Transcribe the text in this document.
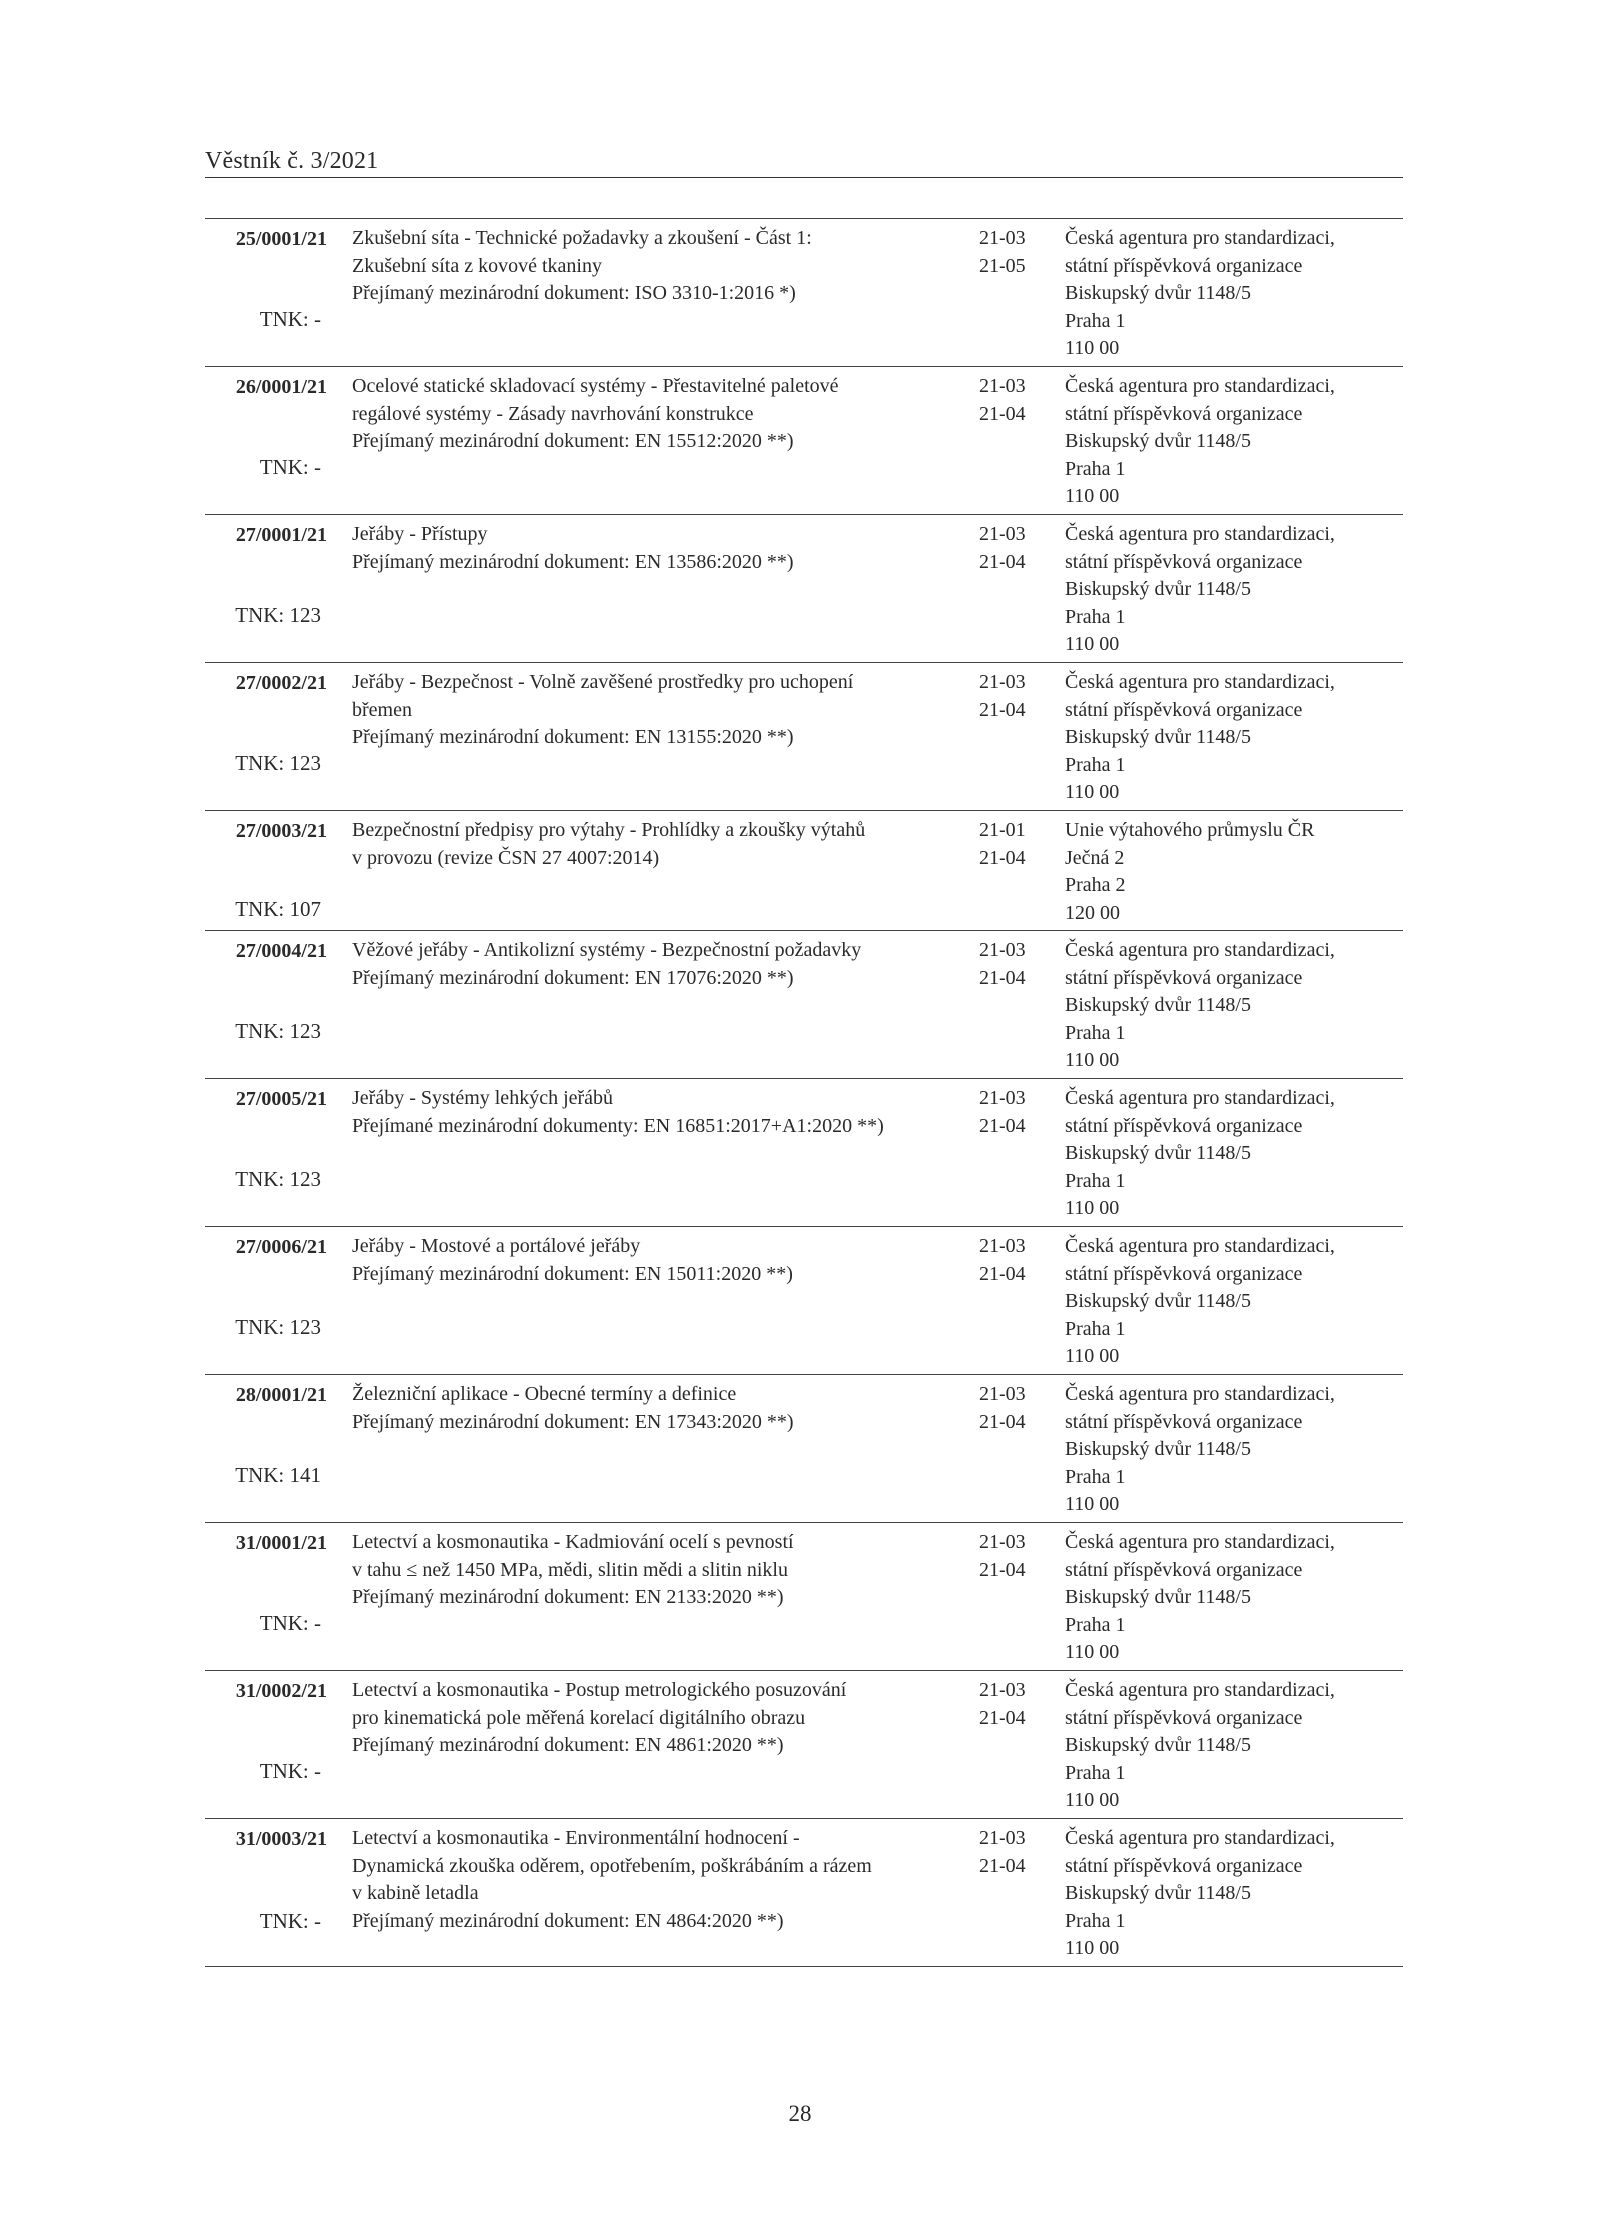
Věstník č. 3/2021
25/0001/21
TNK: -
Zkušební síta - Technické požadavky a zkoušení - Část 1:
Zkušební síta z kovové tkaniny
Přejímaný mezinárodní dokument: ISO 3310-1:2016 *)
21-03
21-05
Česká agentura pro standardizaci,
státní příspěvková organizace
Biskupský dvůr 1148/5
Praha 1
110 00
26/0001/21
TNK: -
Ocelové statické skladovací systémy - Přestavitelné paletové
regálové systémy - Zásady navrhování konstrukce
Přejímaný mezinárodní dokument: EN 15512:2020 **)
21-03
21-04
Česká agentura pro standardizaci,
státní příspěvková organizace
Biskupský dvůr 1148/5
Praha 1
110 00
27/0001/21
TNK: 123
Jeřáby - Přístupy
Přejímaný mezinárodní dokument: EN 13586:2020 **)
21-03
21-04
Česká agentura pro standardizaci,
státní příspěvková organizace
Biskupský dvůr 1148/5
Praha 1
110 00
27/0002/21
TNK: 123
Jeřáby - Bezpečnost - Volně zavěšené prostředky pro uchopení
břemen
Přejímaný mezinárodní dokument: EN 13155:2020 **)
21-03
21-04
Česká agentura pro standardizaci,
státní příspěvková organizace
Biskupský dvůr 1148/5
Praha 1
110 00
27/0003/21
TNK: 107
Bezpečnostní předpisy pro výtahy - Prohlídky a zkoušky výtahů
v provozu (revize ČSN 27 4007:2014)
21-01
21-04
Unie výtahového průmyslu ČR
Ječná 2
Praha 2
120 00
27/0004/21
TNK: 123
Věžové jeřáby - Antikolizní systémy - Bezpečnostní požadavky
Přejímaný mezinárodní dokument: EN 17076:2020 **)
21-03
21-04
Česká agentura pro standardizaci,
státní příspěvková organizace
Biskupský dvůr 1148/5
Praha 1
110 00
27/0005/21
TNK: 123
Jeřáby - Systémy lehkých jeřábů
Přejímané mezinárodní dokumenty: EN 16851:2017+A1:2020 **)
21-03
21-04
Česká agentura pro standardizaci,
státní příspěvková organizace
Biskupský dvůr 1148/5
Praha 1
110 00
27/0006/21
TNK: 123
Jeřáby - Mostové a portálové jeřáby
Přejímaný mezinárodní dokument: EN 15011:2020 **)
21-03
21-04
Česká agentura pro standardizaci,
státní příspěvková organizace
Biskupský dvůr 1148/5
Praha 1
110 00
28/0001/21
TNK: 141
Železniční aplikace - Obecné termíny a definice
Přejímaný mezinárodní dokument: EN 17343:2020 **)
21-03
21-04
Česká agentura pro standardizaci,
státní příspěvková organizace
Biskupský dvůr 1148/5
Praha 1
110 00
31/0001/21
TNK: -
Letectví a kosmonautika - Kadmiování ocelí s pevností
v tahu ≤ než 1450 MPa, mědi, slitin mědi a slitin niklu
Přejímaný mezinárodní dokument: EN 2133:2020 **)
21-03
21-04
Česká agentura pro standardizaci,
státní příspěvková organizace
Biskupský dvůr 1148/5
Praha 1
110 00
31/0002/21
TNK: -
Letectví a kosmonautika - Postup metrologického posuzování
pro kinematická pole měřená korelací digitálního obrazu
Přejímaný mezinárodní dokument: EN 4861:2020 **)
21-03
21-04
Česká agentura pro standardizaci,
státní příspěvková organizace
Biskupský dvůr 1148/5
Praha 1
110 00
31/0003/21
TNK: -
Letectví a kosmonautika - Environmentální hodnocení -
Dynamická zkouška oděrem, opotřebením, poškrábáním a rázem
v kabině letadla
Přejímaný mezinárodní dokument: EN 4864:2020 **)
21-03
21-04
Česká agentura pro standardizaci,
státní příspěvková organizace
Biskupský dvůr 1148/5
Praha 1
110 00
28
